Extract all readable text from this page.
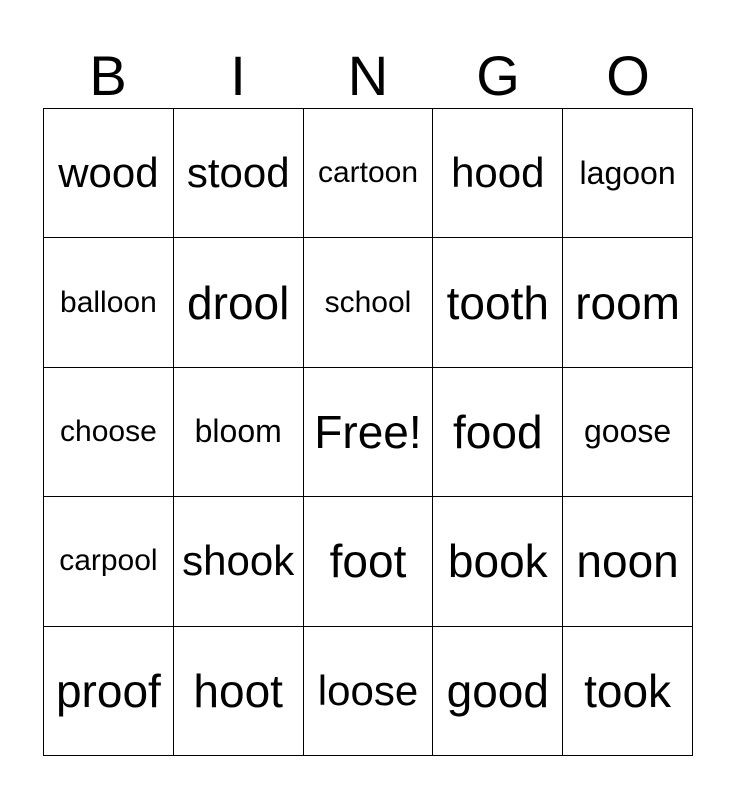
B	I	N	G	O
wood stood cartoon hood	lagoon
balloon drool	school tooth room
choose	bloom Free! food	goose
carpool shook foot book noon
proof hoot loose good took
